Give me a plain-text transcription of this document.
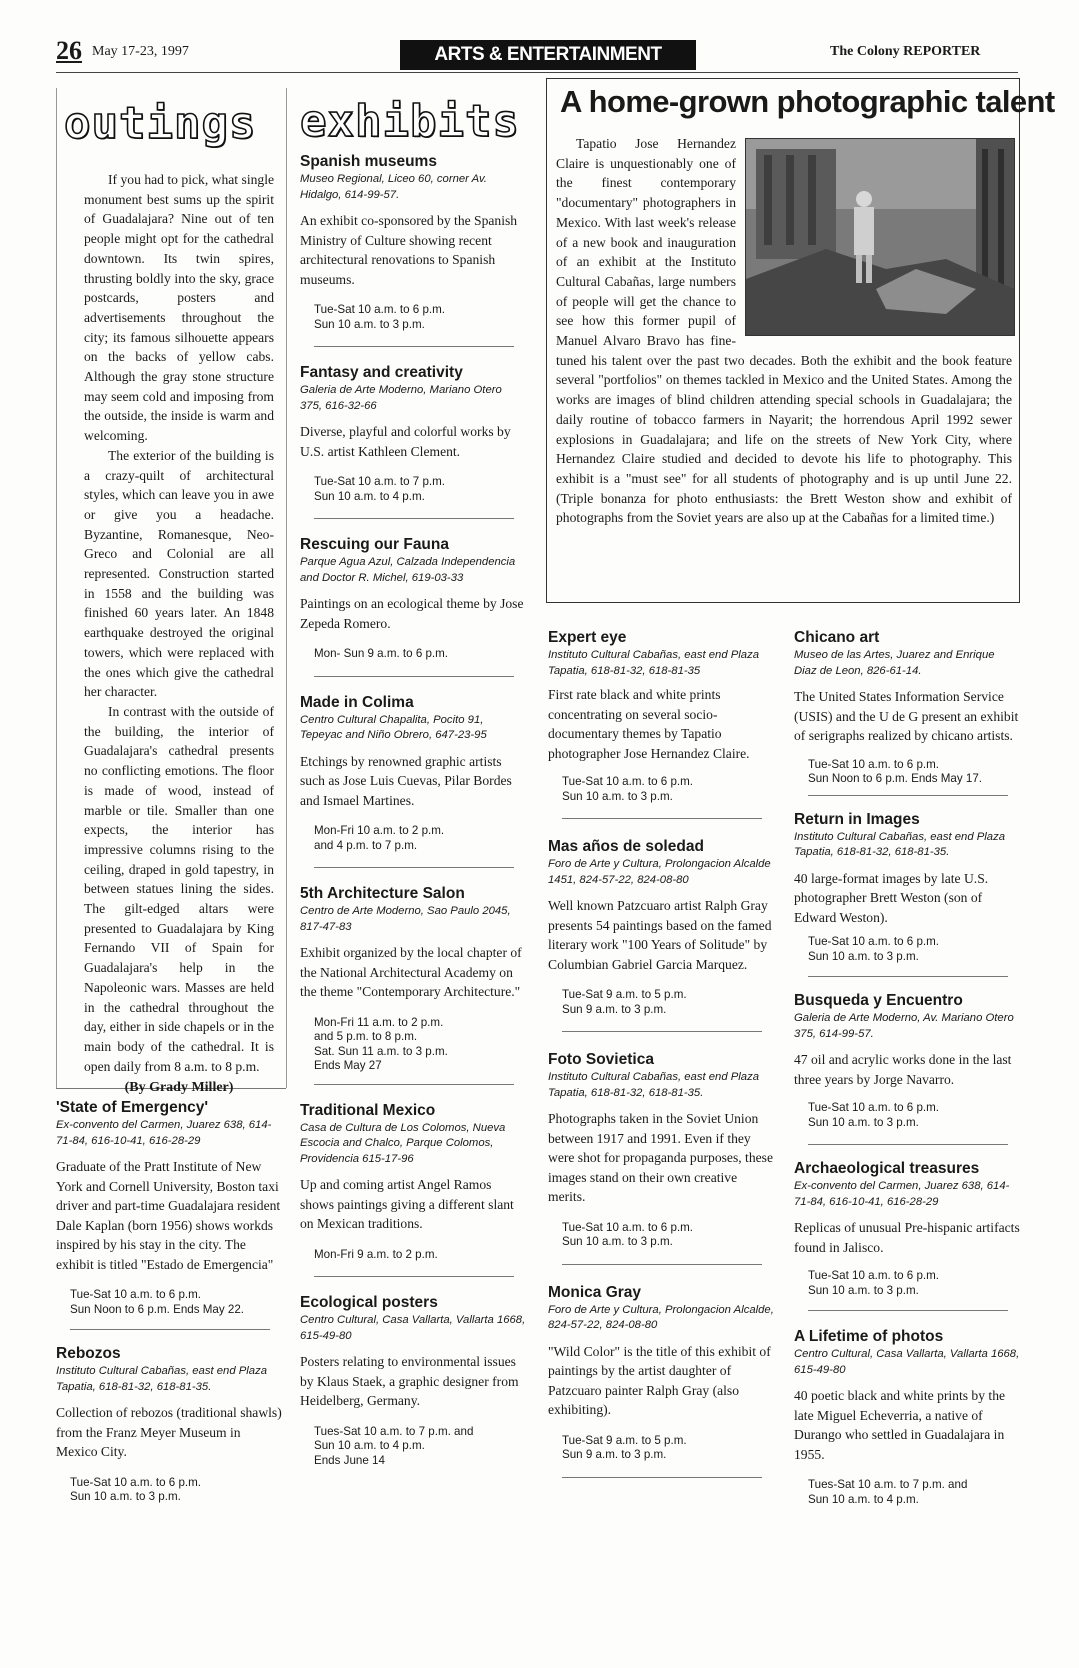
26 May 17-23, 1997	ARTS & ENTERTAINMENT	The Colony REPORTER
outings

If you had to pick, what single monument best sums up the spirit of Guadalajara? Nine out of ten people might opt for the cathedral downtown. Its twin spires, thrusting boldly into the sky, grace postcards, posters and advertisements throughout the city; its famous silhouette appears on the backs of yellow cabs. Although the gray stone structure may seem cold and imposing from the outside, the inside is warm and welcoming.

The exterior of the building is a crazy-quilt of architectural styles, which can leave you in awe or give you a headache. Byzantine, Romanesque, Neo-Greco and Colonial are all represented. Construction started in 1558 and the building was finished 60 years later. An 1848 earthquake destroyed the original towers, which were replaced with the ones which give the cathedral her character.

In contrast with the outside of the building, the interior of Guadalajara's cathedral presents no conflicting emotions. The floor is made of wood, instead of marble or tile. Smaller than one expects, the interior has impressive columns rising to the ceiling, draped in gold tapestry, in between statues lining the sides. The gilt-edged altars were presented to Guadalajara by King Fernando VII of Spain for Guadalajara's help in the Napoleonic wars. Masses are held in the cathedral throughout the day, either in side chapels or in the main body of the cathedral. It is open daily from 8 a.m. to 8 p.m.

(By Grady Miller)
'State of Emergency'
Ex-convento del Carmen, Juarez 638, 614-71-84, 616-10-41, 616-28-29
Graduate of the Pratt Institute of New York and Cornell University, Boston taxi driver and part-time Guadalajara resident Dale Kaplan (born 1956) shows workds inspired by his stay in the city. The exhibit is titled "Estado de Emergencia"
Tue-Sat 10 a.m. to 6 p.m.
Sun Noon to 6 p.m. Ends May 22.
Rebozos
Instituto Cultural Cabañas, east end Plaza Tapatia, 618-81-32, 618-81-35.
Collection of rebozos (traditional shawls) from the Franz Meyer Museum in Mexico City.
Tue-Sat 10 a.m. to 6 p.m.
Sun 10 a.m. to 3 p.m.
exhibits
Spanish museums
Museo Regional, Liceo 60, corner Av. Hidalgo, 614-99-57.
An exhibit co-sponsored by the Spanish Ministry of Culture showing recent architectural renovations to Spanish museums.
Tue-Sat 10 a.m. to 6 p.m.
Sun 10 a.m. to 3 p.m.
Fantasy and creativity
Galeria de Arte Moderno, Mariano Otero 375, 616-32-66
Diverse, playful and colorful works by U.S. artist Kathleen Clement.
Tue-Sat 10 a.m. to 7 p.m.
Sun 10 a.m. to 4 p.m.
Rescuing our Fauna
Parque Agua Azul, Calzada Independencia and Doctor R. Michel, 619-03-33
Paintings on an ecological theme by Jose Zepeda Romero.
Mon- Sun 9 a.m. to 6 p.m.
Made in Colima
Centro Cultural Chapalita, Pocito 91, Tepeyac and Niño Obrero, 647-23-95
Etchings by renowned graphic artists such as Jose Luis Cuevas, Pilar Bordes and Ismael Martines.
Mon-Fri 10 a.m. to 2 p.m.
and 4 p.m. to 7 p.m.
5th Architecture Salon
Centro de Arte Moderno, Sao Paulo 2045, 817-47-83
Exhibit organized by the local chapter of the National Architectural Academy on the theme "Contemporary Architecture."
Mon-Fri 11 a.m. to 2 p.m.
and 5 p.m. to 8 p.m.
Sat. Sun 11 a.m. to 3 p.m.
Ends May 27
Traditional Mexico
Casa de Cultura de Los Colomos, Nueva Escocia and Chalco, Parque Colomos, Providencia 615-17-96
Up and coming artist Angel Ramos shows paintings giving a different slant on Mexican traditions.
Mon-Fri 9 a.m. to 2 p.m.
Ecological posters
Centro Cultural, Casa Vallarta, Vallarta 1668, 615-49-80
Posters relating to environmental issues by Klaus Staek, a graphic designer from Heidelberg, Germany.
Tues-Sat 10 a.m. to 7 p.m. and
Sun 10 a.m. to 4 p.m.
Ends June 14
A home-grown photographic talent
Tapatio Jose Hernandez Claire is unquestionably one of the finest contemporary "documentary" photographers in Mexico. With last week's release of a new book and inauguration of an exhibit at the Instituto Cultural Cabañas, large numbers of people will get the chance to see how this former pupil of Manuel Alvaro Bravo has fine-tuned his talent over the past two decades. Both the exhibit and the book feature several "portfolios" on themes tackled in Mexico and the United States. Among the works are images of blind children attending special schools in Guadalajara; the daily routine of tobacco farmers in Nayarit; the horrendous April 1992 sewer explosions in Guadalajara; and life on the streets of New York City, where Hernandez Claire studied and decided to devote his life to photography. This exhibit is a "must see" for all students of photography and is up until June 22. (Triple bonanza for photo enthusiasts: the Brett Weston show and exhibit of photographs from the Soviet years are also up at the Cabañas for a limited time.)
Expert eye
Instituto Cultural Cabañas, east end Plaza Tapatia, 618-81-32, 618-81-35
First rate black and white prints concentrating on several socio-documentary themes by Tapatio photographer Jose Hernandez Claire.
Tue-Sat 10 a.m. to 6 p.m.
Sun 10 a.m. to 3 p.m.
Mas años de soledad
Foro de Arte y Cultura, Prolongacion Alcalde 1451, 824-57-22, 824-08-80
Well known Patzcuaro artist Ralph Gray presents 54 paintings based on the famed literary work "100 Years of Solitude" by Columbian Gabriel Garcia Marquez.
Tue-Sat 9 a.m. to 5 p.m.
Sun 9 a.m. to 3 p.m.
Foto Sovietica
Instituto Cultural Cabañas, east end Plaza Tapatia, 618-81-32, 618-81-35.
Photographs taken in the Soviet Union between 1917 and 1991. Even if they were shot for propaganda purposes, these images stand on their own creative merits.
Tue-Sat 10 a.m. to 6 p.m.
Sun 10 a.m. to 3 p.m.
Monica Gray
Foro de Arte y Cultura, Prolongacion Alcalde, 824-57-22, 824-08-80
"Wild Color" is the title of this exhibit of paintings by the artist daughter of Patzcuaro painter Ralph Gray (also exhibiting).
Tue-Sat 9 a.m. to 5 p.m.
Sun 9 a.m. to 3 p.m.
Chicano art
Museo de las Artes, Juarez and Enrique Diaz de Leon, 826-61-14.
The United States Information Service (USIS) and the U de G present an exhibit of serigraphs realized by chicano artists.
Tue-Sat 10 a.m. to 6 p.m.
Sun Noon to 6 p.m. Ends May 17.
Return in Images
Instituto Cultural Cabañas, east end Plaza Tapatia, 618-81-32, 618-81-35.
40 large-format images by late U.S. photographer Brett Weston (son of Edward Weston).
Tue-Sat 10 a.m. to 6 p.m.
Sun 10 a.m. to 3 p.m.
Busqueda y Encuentro
Galeria de Arte Moderno, Av. Mariano Otero 375, 614-99-57.
47 oil and acrylic works done in the last three years by Jorge Navarro.
Tue-Sat 10 a.m. to 6 p.m.
Sun 10 a.m. to 3 p.m.
Archaeological treasures
Ex-convento del Carmen, Juarez 638, 614-71-84, 616-10-41, 616-28-29
Replicas of unusual Pre-hispanic artifacts found in Jalisco.
Tue-Sat 10 a.m. to 6 p.m.
Sun 10 a.m. to 3 p.m.
A Lifetime of photos
Centro Cultural, Casa Vallarta, Vallarta 1668, 615-49-80
40 poetic black and white prints by the late Miguel Echeverria, a native of Durango who settled in Guadalajara in 1955.
Tues-Sat 10 a.m. to 7 p.m. and
Sun 10 a.m. to 4 p.m.
